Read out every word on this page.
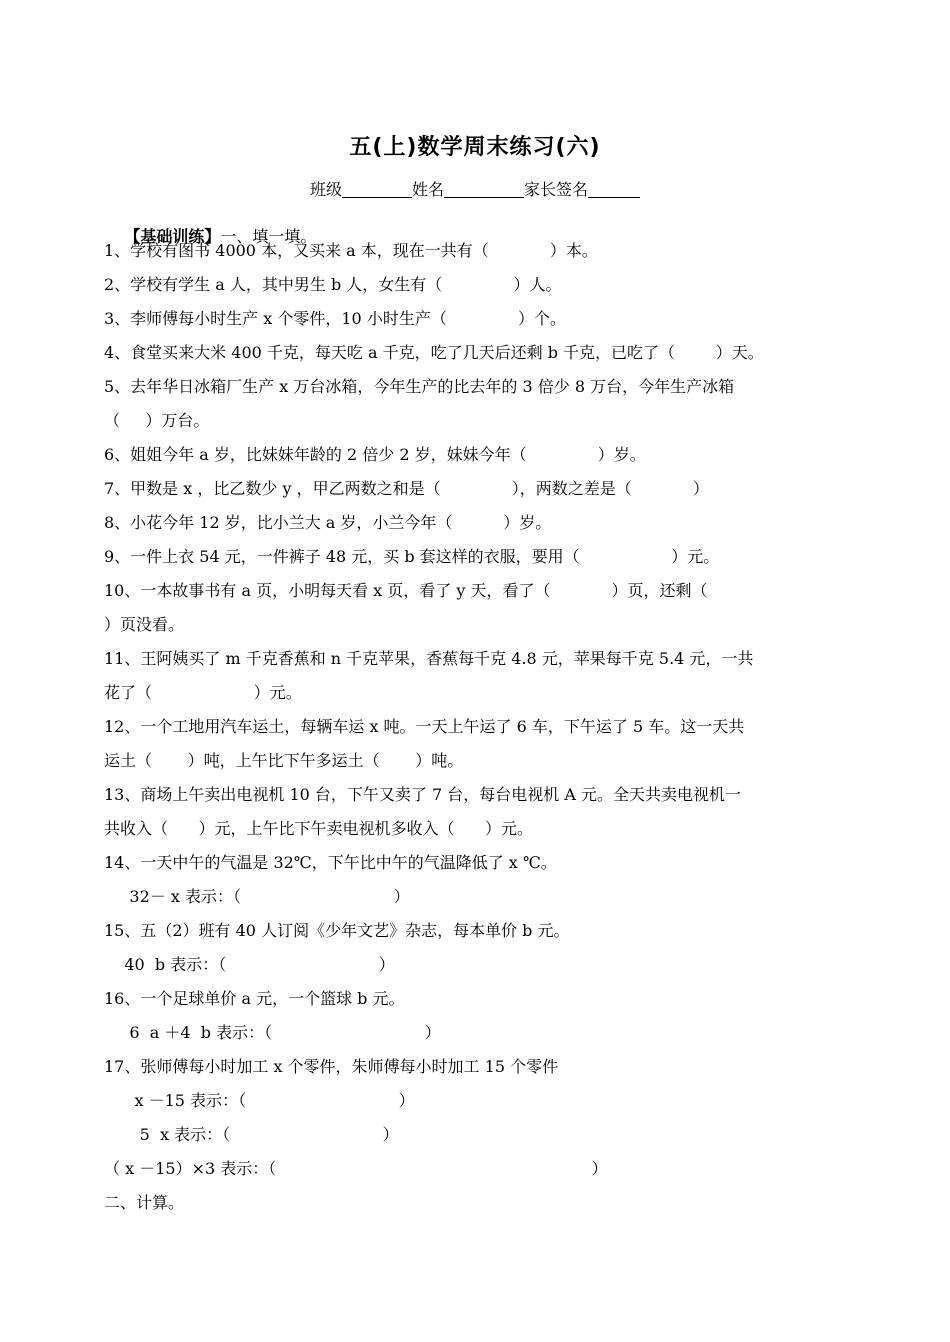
五(上)数学周末练习(六)
班级	姓名	家长签名

【基础训练】一、填一填。

1、学校有图书 4000 本，又买来 a 本，现在一共有（            ）本。
2、学校有学生 a 人，其中男生 b 人，女生有（              ）人。
3、李师傅每小时生产 x 个零件，10 小时生产（              ）个。
4、食堂买来大米 400 千克，每天吃 a 千克，吃了几天后还剩 b 千克，已吃了（        ）天。
5、去年华日冰箱厂生产 x 万台冰箱，今年生产的比去年的 3 倍少 8 万台，今年生产冰箱
（     ）万台。
6、姐姐今年 a 岁，比妹妹年龄的 2 倍少 2 岁，妹妹今年（              ）岁。
7、甲数是 x ，比乙数少 y ，甲乙两数之和是（              ），两数之差是（            ）
8、小花今年 12 岁，比小兰大 a 岁，小兰今年（          ）岁。
9、一件上衣 54 元，一件裤子 48 元，买 b 套这样的衣服，要用（                  ）元。
10、一本故事书有 a 页，小明每天看 x 页，看了 y 天，看了（            ）页，还剩（
）页没看。
11、王阿姨买了 m 千克香蕉和 n 千克苹果，香蕉每千克 4.8 元，苹果每千克 5.4 元，一共
花了（                    ）元。
12、一个工地用汽车运土，每辆车运 x 吨。一天上午运了 6 车，下午运了 5 车。这一天共
运土（       ）吨，上午比下午多运土（       ）吨。
13、商场上午卖出电视机 10 台，下午又卖了 7 台，每台电视机 A 元。全天共卖电视机一
共收入（      ）元，上午比下午卖电视机多收入（      ）元。
14、一天中午的气温是 32℃，下午比中午的气温降低了 x ℃。
32－ x 表示：（                              ）
15、五（2）班有 40 人订阅《少年文艺》杂志，每本单价 b 元。
40  b 表示：（                              ）
16、一个足球单价 a 元，一个篮球 b 元。
6  a ＋4  b 表示：（                              ）
17、张师傅每小时加工 x 个零件，朱师傅每小时加工 15 个零件
x －15 表示：（                              ）
5  x 表示：（                              ）
（ x －15）×3 表示：（                                                              ）
二、计算。
